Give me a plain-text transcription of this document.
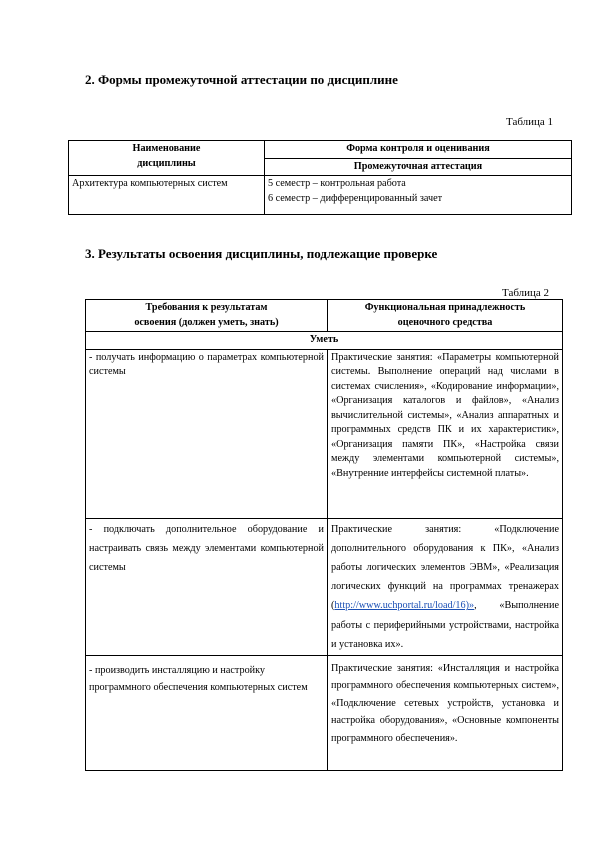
2. Формы промежуточной аттестации по дисциплине
Таблица 1
Наименование дисциплины	Форма контроля и оценивания
	Промежуточная аттестация
Архитектура компьютерных систем	5 семестр – контрольная работа
6 семестр – дифференцированный зачет
3. Результаты освоения дисциплины, подлежащие проверке
Таблица 2
Требования к результатам освоения (должен уметь, знать)	Функциональная принадлежность оценочного средства
Уметь	
- получать информацию о параметрах компьютерной системы	Практические занятия: «Параметры компьютерной системы. Выполнение операций над числами в системах счисления», «Кодирование информации», «Организация каталогов и файлов», «Анализ вычислительной системы», «Анализ аппаратных и программных средств ПК и их характеристик», «Организация памяти ПК», «Настройка связи между элементами компьютерной системы», «Внутренние интерфейсы системной платы».
- подключать дополнительное оборудование и настраивать связь между элементами компьютерной системы	Практические занятия: «Подключение дополнительного оборудования к ПК», «Анализ работы логических элементов ЭВМ», «Реализация логических функций на программах тренажерах (http://www.uchportal.ru/load/16)», «Выполнение работы с периферийными устройствами, настройка и установка их».
- производить инсталляцию и настройку программного обеспечения компьютерных систем	Практические занятия: «Инсталляция и настройка программного обеспечения компьютерных систем», «Подключение сетевых устройств, установка и настройка оборудования», «Основные компоненты программного обеспечения».
